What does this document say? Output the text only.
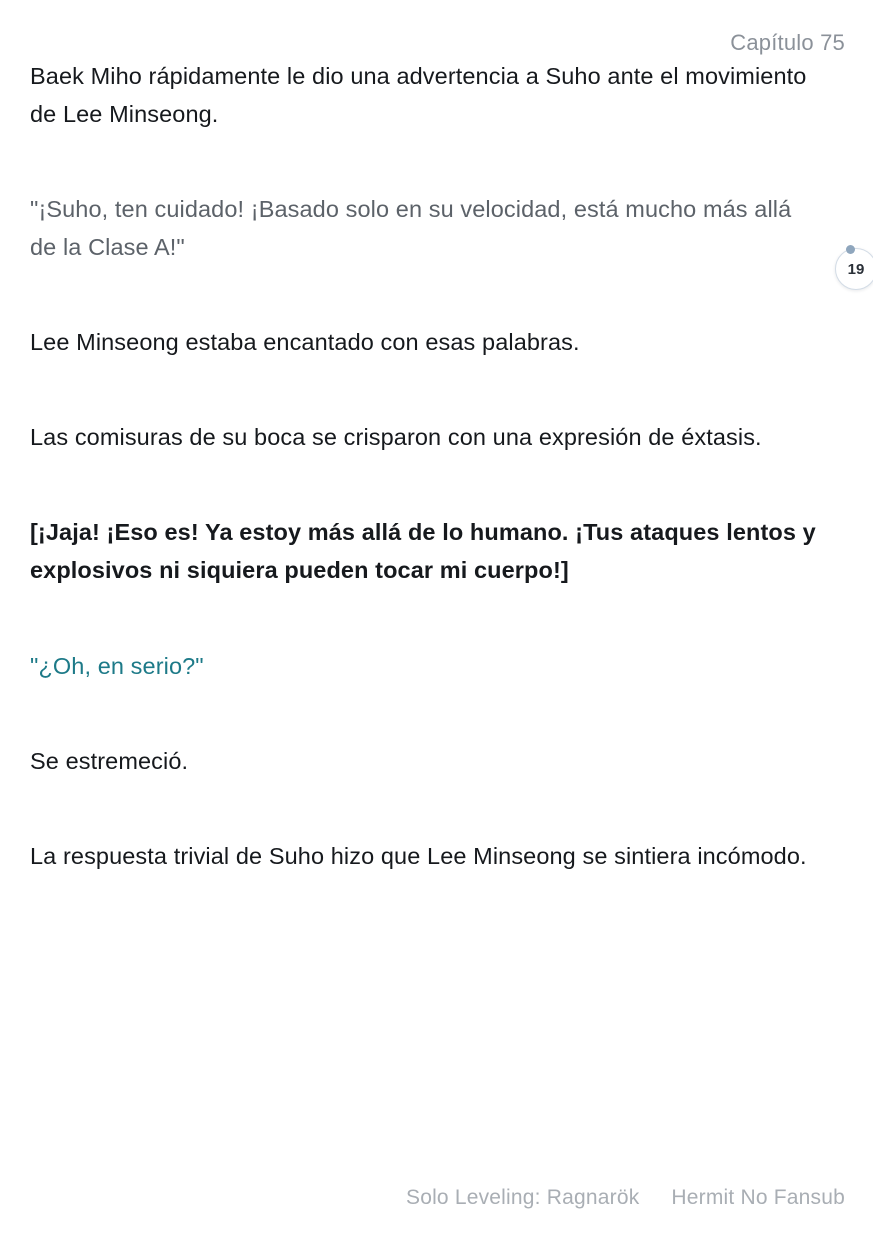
Capítulo 75

Baek Miho rápidamente le dio una advertencia a Suho ante el movimiento de Lee Minseong.

"¡Suho, ten cuidado! ¡Basado solo en su velocidad, está mucho más allá de la Clase A!"

Lee Minseong estaba encantado con esas palabras.

Las comisuras de su boca se crisparon con una expresión de éxtasis.

[¡Jaja! ¡Eso es! Ya estoy más allá de lo humano. ¡Tus ataques lentos y explosivos ni siquiera pueden tocar mi cuerpo!]

"¿Oh, en serio?"

Se estremeció.

La respuesta trivial de Suho hizo que Lee Minseong se sintiera incómodo.

19
Solo Leveling: Ragnarök Hermit No Fansub
